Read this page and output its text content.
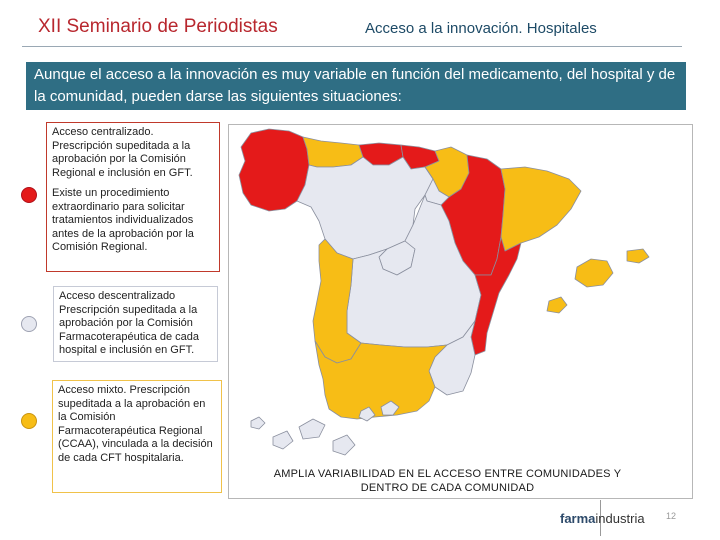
XII Seminario de Periodistas	Acceso a la innovación. Hospitales
Aunque el acceso a la innovación es muy variable en función del medicamento, del hospital y de la comunidad, pueden darse las siguientes situaciones:

Acceso centralizado. Prescripción supeditada a la aprobación por la Comisión Regional e inclusión en GFT.

Existe un procedimiento extraordinario para solicitar tratamientos individualizados antes de la aprobación por la Comisión Regional.

Acceso descentralizado Prescripción supeditada a la aprobación por la Comisión Farmacoterapéutica de cada hospital e inclusión en GFT.

Acceso mixto. Prescripción supeditada a la aprobación en la Comisión Farmacoterapéutica Regional (CCAA), vinculada a la decisión de cada CFT hospitalaria.

AMPLIA VARIABILIDAD EN EL ACCESO ENTRE COMUNIDADES Y
DENTRO DE CADA COMUNIDAD
farmaindustria 12
